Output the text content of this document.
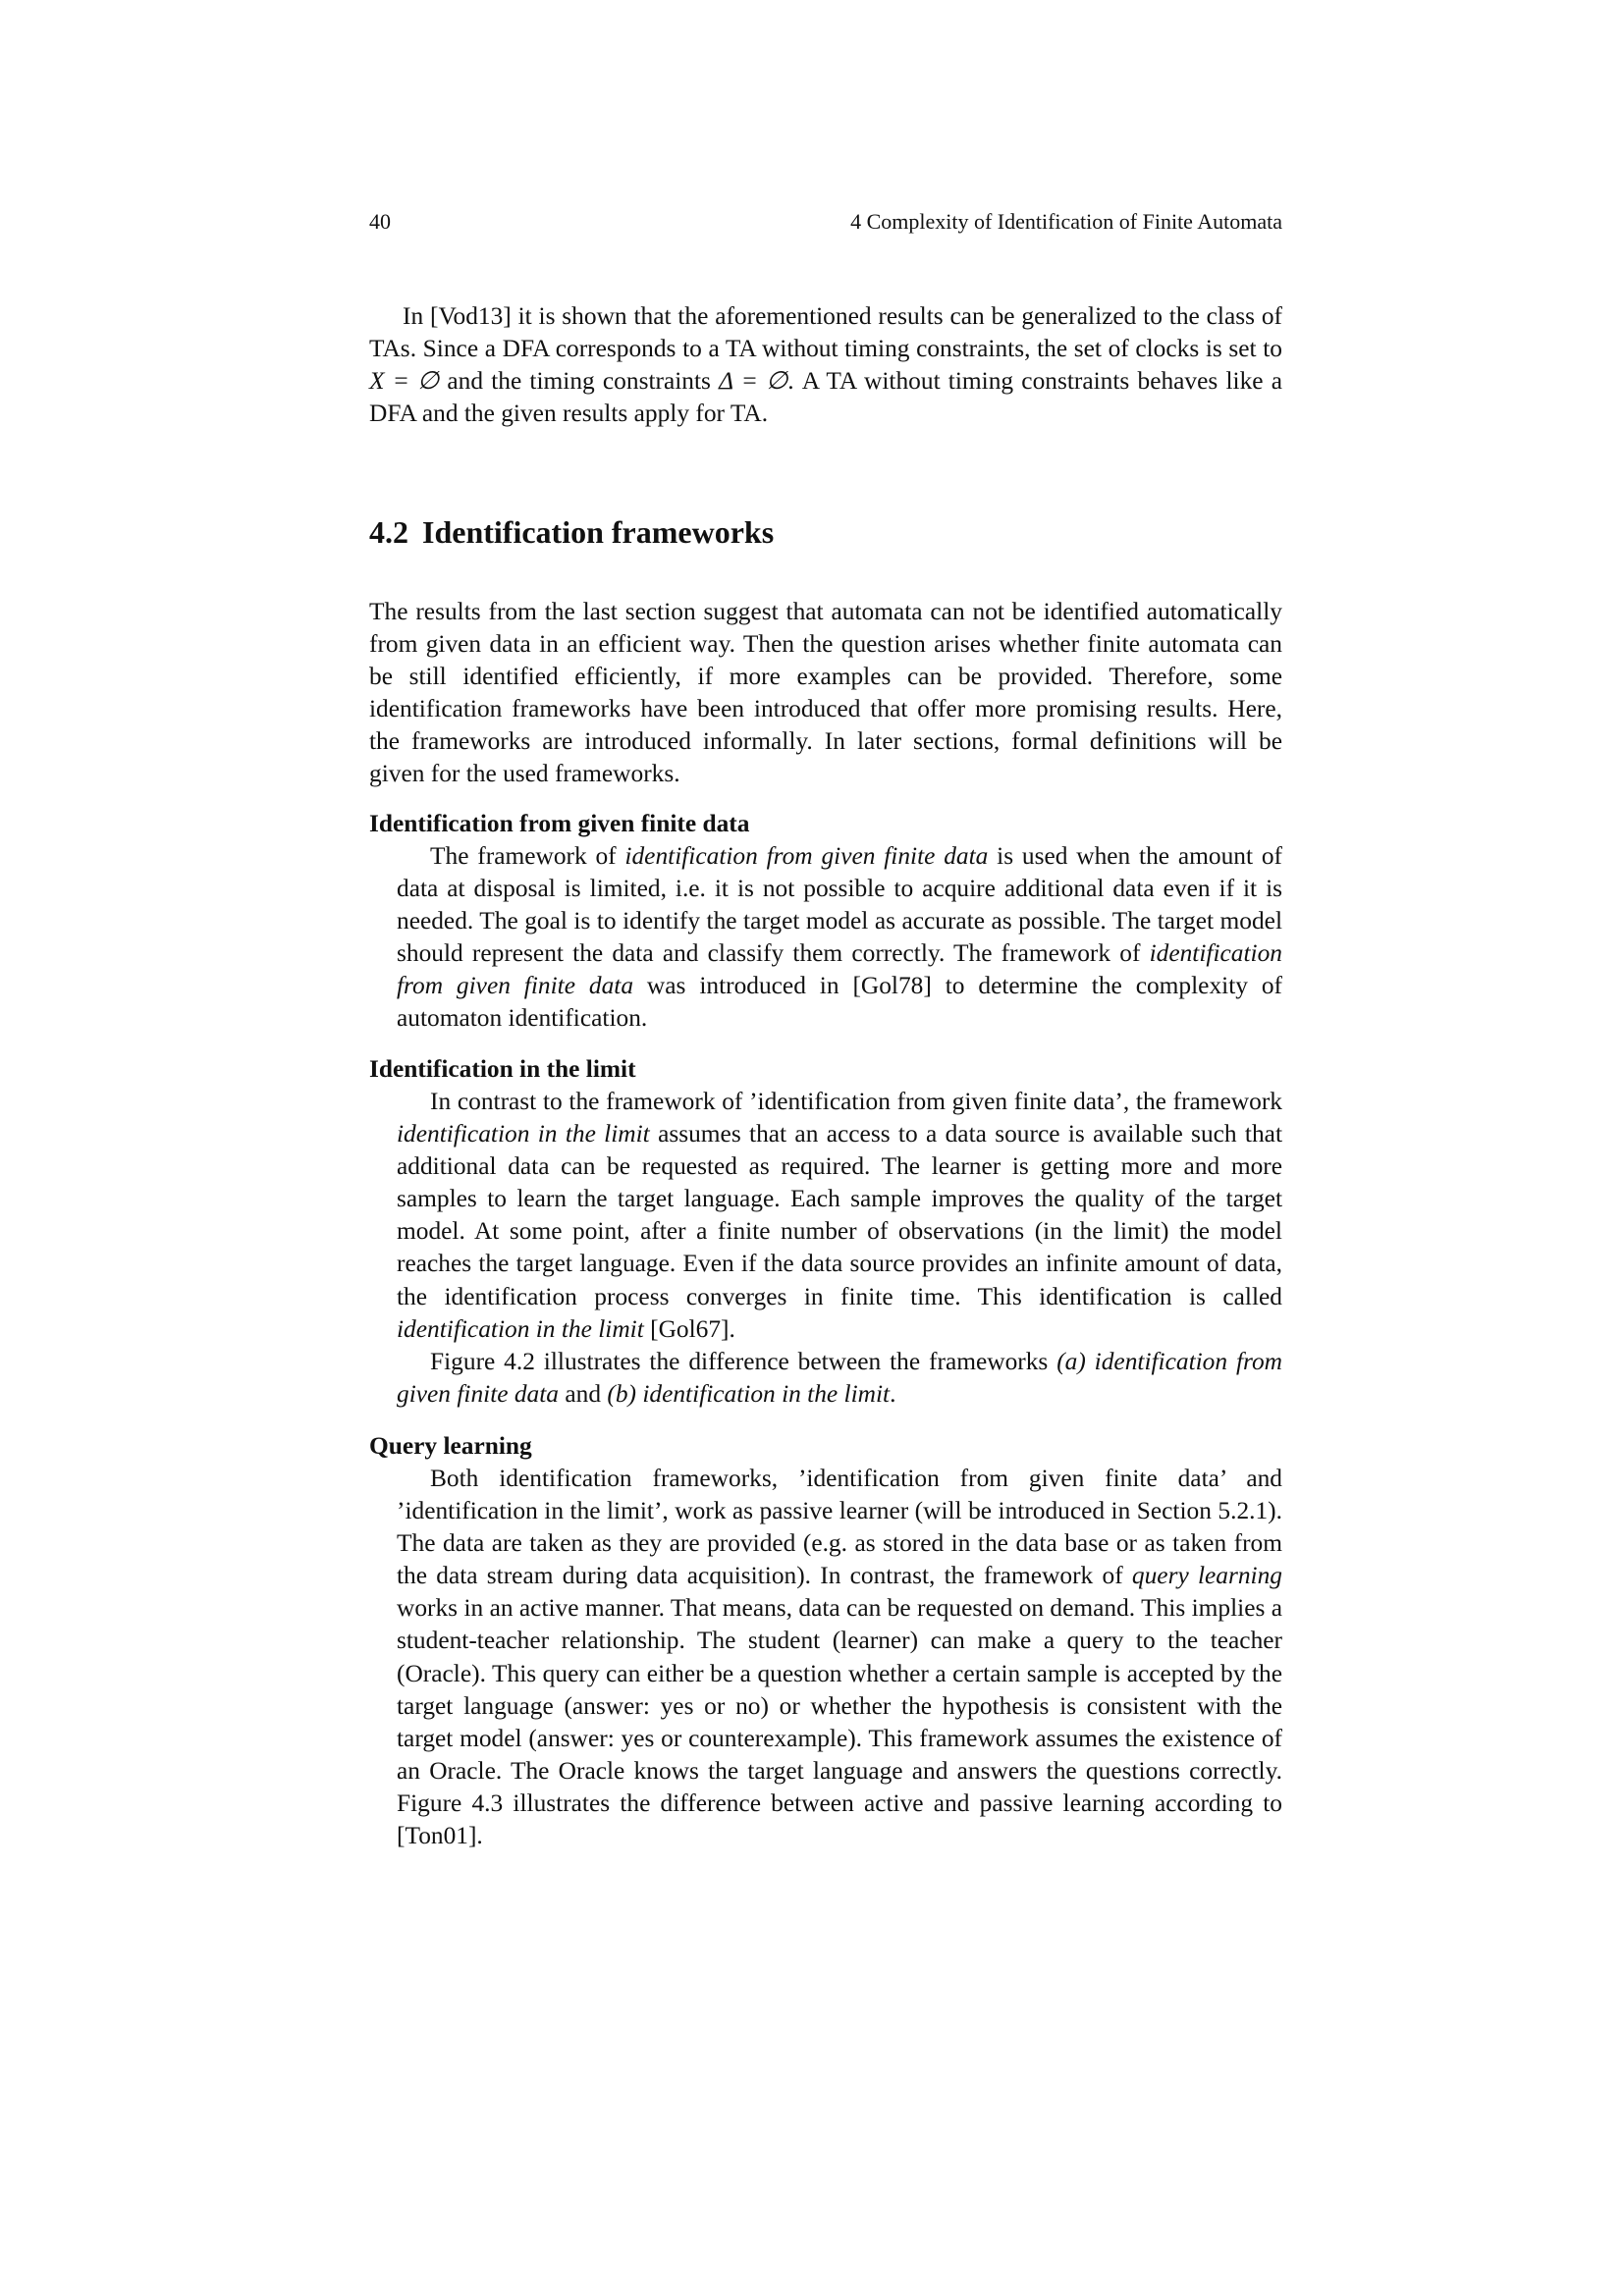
40	4 Complexity of Identification of Finite Automata

In [Vod13] it is shown that the aforementioned results can be generalized to the class of TAs. Since a DFA corresponds to a TA without timing constraints, the set of clocks is set to X = ∅ and the timing constraints Δ = ∅. A TA without timing constraints behaves like a DFA and the given results apply for TA.

4.2 Identification frameworks

The results from the last section suggest that automata can not be identified automatically from given data in an efficient way. Then the question arises whether finite automata can be still identified efficiently, if more examples can be provided. Therefore, some identification frameworks have been introduced that offer more promising results. Here, the frameworks are introduced informally. In later sections, formal definitions will be given for the used frameworks.

Identification from given finite data

The framework of identification from given finite data is used when the amount of data at disposal is limited, i.e. it is not possible to acquire additional data even if it is needed. The goal is to identify the target model as accurate as possible. The target model should represent the data and classify them correctly. The framework of identification from given finite data was introduced in [Gol78] to determine the complexity of automaton identification.

Identification in the limit

In contrast to the framework of ’identification from given finite data’, the framework identification in the limit assumes that an access to a data source is available such that additional data can be requested as required. The learner is getting more and more samples to learn the target language. Each sample improves the quality of the target model. At some point, after a finite number of observations (in the limit) the model reaches the target language. Even if the data source provides an infinite amount of data, the identification process converges in finite time. This identification is called identification in the limit [Gol67].

Figure 4.2 illustrates the difference between the frameworks (a) identification from given finite data and (b) identification in the limit.

Query learning

Both identification frameworks, ’identification from given finite data’ and ’identification in the limit’, work as passive learner (will be introduced in Section 5.2.1). The data are taken as they are provided (e.g. as stored in the data base or as taken from the data stream during data acquisition). In contrast, the framework of query learning works in an active manner. That means, data can be requested on demand. This implies a student-teacher relationship. The student (learner) can make a query to the teacher (Oracle). This query can either be a question whether a certain sample is accepted by the target language (answer: yes or no) or whether the hypothesis is consistent with the target model (answer: yes or counterexample). This framework assumes the existence of an Oracle. The Oracle knows the target language and answers the questions correctly. Figure 4.3 illustrates the difference between active and passive learning according to [Ton01].
